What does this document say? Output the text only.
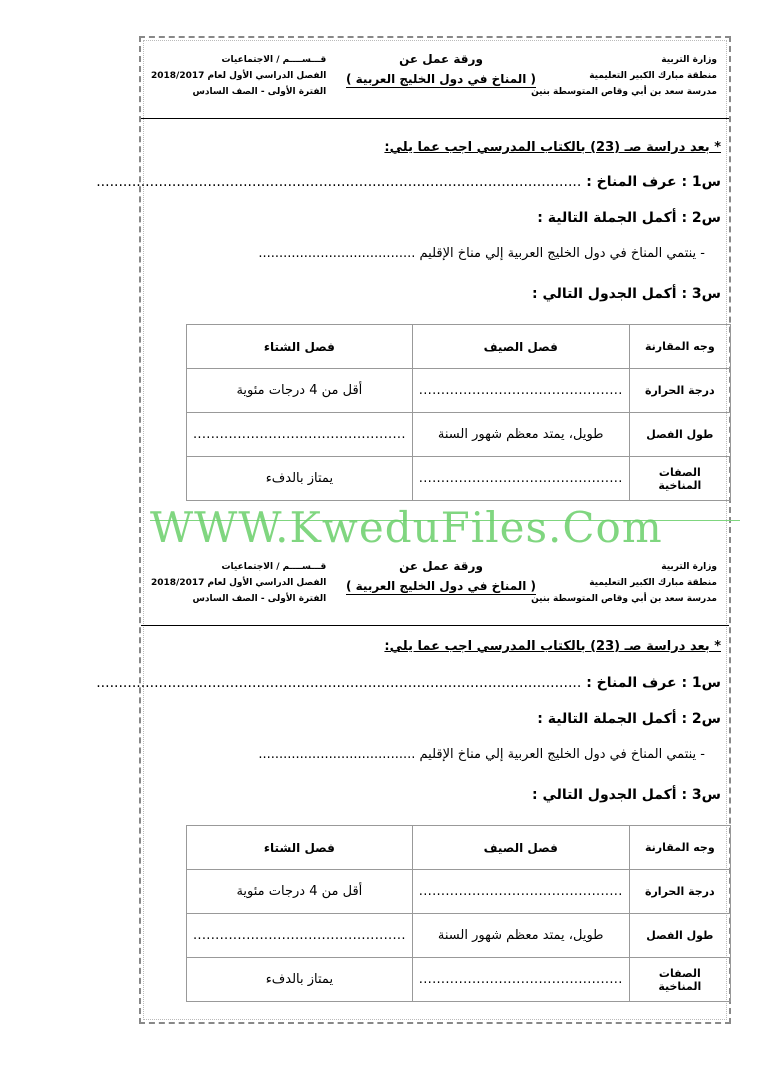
وزارة التربية
منطقة مبارك الكبير التعليمية
مدرسة سعد بن أبي وقاص المتوسطة بنين
ورقة عمل عن
( المناخ في دول الخليج العربية )
قـــســــم / الاجتماعيات
الفصل الدراسي الأول لعام 2018/2017
الفترة الأولى - الصف السادس
* بعد دراسة صـ (23) بالكتاب المدرسي اجب عما يلي:
س1 : عرف المناخ : .............................................................................................................
س2 : أكمل الجملة التالية :
- ينتمي المناخ في دول الخليج العربية إلي مناخ الإقليم ......................................
س3 : أكمل الجدول التالي :
وجه المقارنة	فصل الصيف	فصل الشتاء
درجة الحرارة	..............................................	أقل من 4 درجات مئوية
طول الفصل	طويل، يمتد معظم شهور السنة	................................................
الصفات المناخية	..............................................	يمتاز بالدفء
WWW.KweduFiles.Com
وزارة التربية
منطقة مبارك الكبير التعليمية
مدرسة سعد بن أبي وقاص المتوسطة بنين
ورقة عمل عن
( المناخ في دول الخليج العربية )
قـــســــم / الاجتماعيات
الفصل الدراسي الأول لعام 2018/2017
الفترة الأولى - الصف السادس
* بعد دراسة صـ (23) بالكتاب المدرسي اجب عما يلي:
س1 : عرف المناخ : .............................................................................................................
س2 : أكمل الجملة التالية :
- ينتمي المناخ في دول الخليج العربية إلي مناخ الإقليم ......................................
س3 : أكمل الجدول التالي :
وجه المقارنة	فصل الصيف	فصل الشتاء
درجة الحرارة	..............................................	أقل من 4 درجات مئوية
طول الفصل	طويل، يمتد معظم شهور السنة	................................................
الصفات المناخية	..............................................	يمتاز بالدفء
